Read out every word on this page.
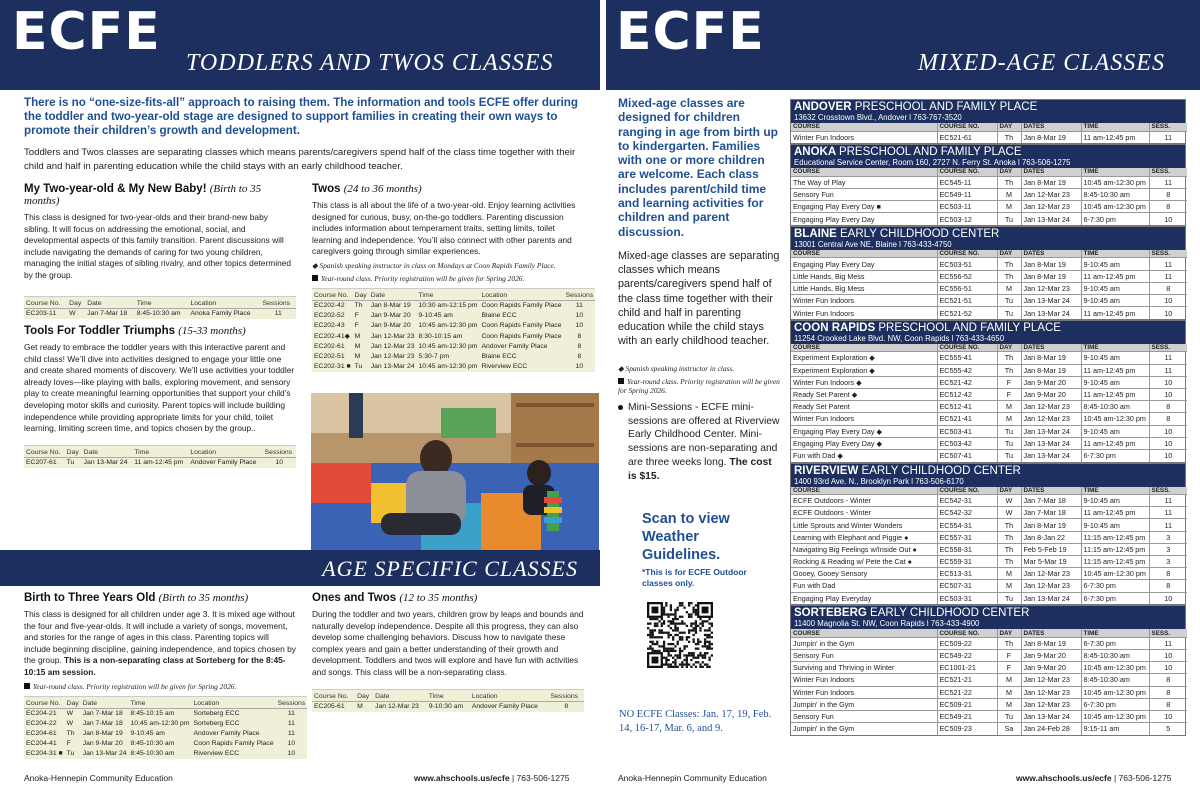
ECFE
TODDLERS AND TWOS CLASSES
There is no “one-size-fits-all” approach to raising them. The information and tools ECFE offer during the toddler and two-year-old stage are designed to support families in creating their own ways to promote their children’s growth and development.
Toddlers and Twos classes are separating classes which means parents/caregivers spend half of the class time together with their child and half in parenting education while the child stays with an early childhood teacher.
My Two-year-old & My New Baby! (Birth to 35 months)
This class is designed for two-year-olds and their brand-new baby sibling. It will focus on addressing the emotional, social, and developmental aspects of this family transition. Parent discussions will include navigating the demands of caring for two young children, managing the initial stages of sibling rivalry, and other topics determined by the group.
Course No.	Day	Date	Time	Location	Sessions
EC203-11	W	Jan 7-Mar 18	8:45-10:30 am	Anoka Family Place	11
Tools For Toddler Triumphs (15-33 months)
Get ready to embrace the toddler years with this interactive parent and child class! We’ll dive into activities designed to engage your little one and create shared moments of discovery. We’ll use activities your toddler already loves—like playing with balls, exploring movement, and sensory play to create meaningful learning opportunities that support your child’s developing motor skills and curiosity. Parent topics will include building independence while providing appropriate limits for your child, toilet learning, limiting screen time, and topics chosen by the group..
Course No.	Day	Date	Time	Location	Sessions
EC207-61	Tu	Jan 13-Mar 24	11 am-12:45 pm	Andover Family Place	10
Twos (24 to 36 months)
This class is all about the life of a two-year-old. Enjoy learning activities designed for curious, busy, on-the-go toddlers. Parenting discussion includes information about temperament traits, setting limits, toilet learning and independence. You’ll also connect with other parents and caregivers going through similar experiences.
◆ Spanish speaking instructor in class on Mondays at Coon Rapids Family Place.
Year-round class. Priority registration will be given for Spring 2026.
Course No.	Day	Date	Time	Location	Sessions
EC202-42	Th	Jan 8-Mar 19	10:30 am-12:15 pm	Coon Rapids Family Place	11
EC202-52	F	Jan 9-Mar 20	9-10:45 am	Blaine ECC	10
EC202-43	F	Jan 9-Mar 20	10:45 am-12:30 pm	Coon Rapids Family Place	10
EC202-41◆	M	Jan 12-Mar 23	8:30-10:15 am	Coon Rapids Family Place	8
EC202-61	M	Jan 12-Mar 23	10:45 am-12:30 pm	Andover Family Place	8
EC202-51	M	Jan 12-Mar 23	5:30-7 pm	Blaine ECC	8
EC202-31 ■	Tu	Jan 13-Mar 24	10:45 am-12:30 pm	Riverview ECC	10
AGE SPECIFIC CLASSES
Birth to Three Years Old (Birth to 35 months)
This class is designed for all children under age 3. It is mixed age without the four and five-year-olds. It will include a variety of songs, movement, and stories for the range of ages in this class. Parenting topics will include beginning discipline, gaining independence, and topics chosen by the group. This is a non-separating class at Sorteberg for the 8:45-10:15 am session.
Year-round class. Priority registration will be given for Spring 2026.
Course No.	Day	Date	Time	Location	Sessions
EC204-21	W	Jan 7-Mar 18	8:45-10:15 am	Sorteberg ECC	11
EC204-22	W	Jan 7-Mar 18	10:45 am-12:30 pm	Sorteberg ECC	11
EC204-61	Th	Jan 8-Mar 19	9-10:45 am	Andover Family Place	11
EC204-41	F	Jan 9-Mar 20	8:45-10:30 am	Coon Rapids Family Place	10
EC204-31 ■	Tu	Jan 13-Mar 24	8:45-10:30 am	Riverview ECC	10
Ones and Twos (12 to 35 months)
During the toddler and two years, children grow by leaps and bounds and naturally develop independence. Despite all this progress, they can also develop some challenging behaviors. Discuss how to navigate these complex years and gain a better understanding of their growth and development. Toddlers and twos will explore and have fun with activities and songs. This class will be a non-separating class.
Course No.	Day	Date	Time	Location	Sessions
EC205-61	M	Jan 12-Mar 23	9-10:30 am	Andover Family Place	8
Anoka-Hennepin Community Education	www.ahschools.us/ecfe | 763-506-1275
ECFE
MIXED-AGE CLASSES
Mixed-age classes are designed for children ranging in age from birth up to kindergarten. Families with one or more children are welcome. Each class includes parent/child time and learning activities for children and parent discussion.
Mixed-age classes are separating classes which means parents/caregivers spend half of the class time together with their child and half in parenting education while the child stays with an early childhood teacher.
◆ Spanish speaking instructor in class.
Year-round class. Priority registration will be given for Spring 2026.
Mini-Sessions - ECFE mini-sessions are offered at Riverview Early Childhood Center. Mini-sessions are non-separating and are three weeks long. The cost is $15.
Scan to view Weather Guidelines.
*This is for ECFE Outdoor classes only.
NO ECFE Classes: Jan. 17, 19, Feb. 14, 16-17, Mar. 6, and 9.
ANDOVER PRESCHOOL AND FAMILY PLACE
13632 Crosstown Blvd., Andover l 763-767-3520
COURSE	COURSE NO.	DAY	DATES	TIME	SESS.
Winter Fun Indoors	EC521-61	Th	Jan 8-Mar 19	11 am-12:45 pm	11
ANOKA PRESCHOOL AND FAMILY PLACE
Educational Service Center, Room 160, 2727 N. Ferry St. Anoka l 763-506-1275
COURSE	COURSE NO.	DAY	DATES	TIME	SESS.
The Way of Play	EC545-11	Th	Jan 8-Mar 19	10:45 am-12:30 pm	11
Sensory Fun	EC549-11	M	Jan 12-Mar 23	8:45-10:30 am	8
Engaging Play Every Day ■	EC503-11	M	Jan 12-Mar 23	10:45 am-12:30 pm	8
Engaging Play Every Day	EC503-12	Tu	Jan 13-Mar 24	6-7:30 pm	10
BLAINE EARLY CHILDHOOD CENTER
13001 Central Ave NE, Blaine l 763-433-4750
COURSE	COURSE NO.	DAY	DATES	TIME	SESS.
Engaging Play Every Day	EC503-51	Th	Jan 8-Mar 19	9-10:45 am	11
Little Hands, Big Mess	EC556-52	Th	Jan 8-Mar 19	11 am-12:45 pm	11
Little Hands, Big Mess	EC556-51	M	Jan 12-Mar 23	9-10:45 am	8
Winter Fun Indoors	EC521-51	Tu	Jan 13-Mar 24	9-10:45 am	10
Winter Fun Indoors	EC521-52	Tu	Jan 13-Mar 24	11 am-12:45 pm	10
COON RAPIDS PRESCHOOL AND FAMILY PLACE
11254 Crooked Lake Blvd. NW, Coon Rapids l 763-433-4650
COURSE	COURSE NO.	DAY	DATES	TIME	SESS.
Experiment Exploration ◆	EC555-41	Th	Jan 8-Mar 19	9-10:45 am	11
Experiment Exploration ◆	EC555-42	Th	Jan 8-Mar 19	11 am-12:45 pm	11
Winter Fun Indoors ◆	EC521-42	F	Jan 9-Mar 20	9-10:45 am	10
Ready Set Parent ◆	EC512-42	F	Jan 9-Mar 20	11 am-12:45 pm	10
Ready Set Parent	EC512-41	M	Jan 12-Mar 23	8:45-10:30 am	8
Winter Fun Indoors	EC521-41	M	Jan 12-Mar 23	10:45 am-12:30 pm	8
Engaging Play Every Day ◆	EC503-41	Tu	Jan 13-Mar 24	9-10:45 am	10
Engaging Play Every Day ◆	EC503-42	Tu	Jan 13-Mar 24	11 am-12:45 pm	10
Fun with Dad ◆	EC507-41	Tu	Jan 13-Mar 24	6-7:30 pm	10
RIVERVIEW EARLY CHILDHOOD CENTER
1400 93rd Ave. N., Brooklyn Park l 763-506-6170
COURSE	COURSE NO.	DAY	DATES	TIME	SESS.
ECFE Outdoors - Winter	EC542-31	W	Jan 7-Mar 18	9-10:45 am	11
ECFE Outdoors - Winter	EC542-32	W	Jan 7-Mar 18	11 am-12:45 pm	11
Little Sprouts and Winter Wonders	EC554-31	Th	Jan 8-Mar 19	9-10:45 am	11
Learning with Elephant and Piggie ●	EC557-31	Th	Jan 8-Jan 22	11:15 am-12:45 pm	3
Navigating Big Feelings w/Inside Out ●	EC558-31	Th	Feb 5-Feb 19	11:15 am-12:45 pm	3
Rocking & Reading w/ Pete the Cat ●	EC559-31	Th	Mar 5-Mar 19	11:15 am-12:45 pm	3
Gooey, Gooey Sensory	EC513-31	M	Jan 12-Mar 23	10:45 am-12:30 pm	8
Fun with Dad	EC507-31	M	Jan 12-Mar 23	6-7:30 pm	8
Engaging Play Everyday	EC503-31	Tu	Jan 13-Mar 24	6-7:30 pm	10
SORTEBERG EARLY CHILDHOOD CENTER
11400 Magnolia St. NW, Coon Rapids l 763-433-4900
COURSE	COURSE NO.	DAY	DATES	TIME	SESS.
Jumpin' in the Gym	EC509-22	Th	Jan 8-Mar 19	6-7:30 pm	11
Sensory Fun	EC549-22	F	Jan 9-Mar 20	8:45-10:30 am	10
Surviving and Thriving in Winter	EC1001-21	F	Jan 9-Mar 20	10:45 am-12:30 pm	10
Winter Fun Indoors	EC521-21	M	Jan 12-Mar 23	8:45-10:30 am	8
Winter Fun Indoors	EC521-22	M	Jan 12-Mar 23	10:45 am-12:30 pm	8
Jumpin' in the Gym	EC509-21	M	Jan 12-Mar 23	6-7:30 pm	8
Sensory Fun	EC549-21	Tu	Jan 13-Mar 24	10:45 am-12:30 pm	10
Jumpin' in the Gym	EC509-23	Sa	Jan 24-Feb 28	9:15-11 am	5
Anoka-Hennepin Community Education	www.ahschools.us/ecfe | 763-506-1275
